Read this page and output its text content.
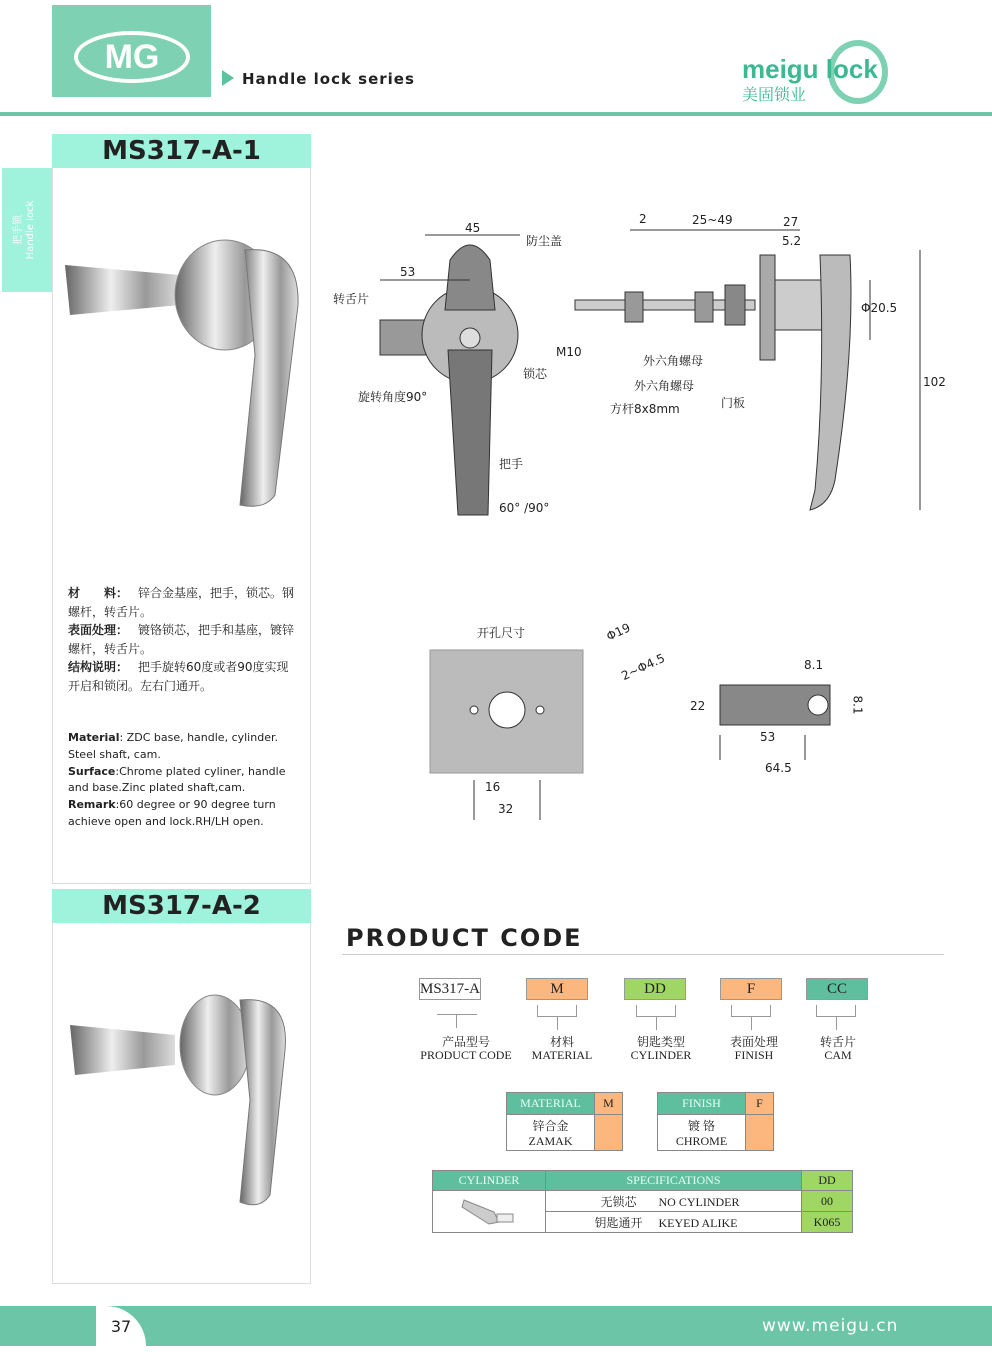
MG
Handle lock series	meigu lock
美固锁业
把手锁 Handle lock
MS317-A-1
MS317-A-2
材　　料： 锌合金基座，把手，锁芯。钢螺杆，转舌片。
表面处理： 镀铬锁芯，把手和基座，镀锌螺杆，转舌片。
结构说明： 把手旋转60度或者90度实现开启和锁闭。左右门通开。
Material: ZDC base, handle, cylinder. Steel shaft, cam.
Surface:Chrome plated cyliner, handle and base.Zinc plated shaft,cam.
Remark:60 degree or 90 degree turn achieve open and lock.RH/LH open.
45
53
防尘盖
转舌片
旋转角度90°
锁芯
把手
60° /90°
2	25~49	27
5.2
Φ20.5
M10
外六角螺母
外六角螺母
方杆8x8mm	门板
102
开孔尺寸	Φ19
2~Φ4.5
16
32
22
8.1
8.1
53
64.5
PRODUCT CODE
MS317-A	M	DD	F	CC
产品型号
PRODUCT CODE
材料
MATERIAL
钥匙类型
CYLINDER
表面处理
FINISH
转舌片
CAM
MATERIAL	M

锌合金
ZAMAK	

FINISH	F

镀 铬
CHROME	

CYLINDER	SPECIFICATIONS	DD
	无锁芯 NO CYLINDER	00
	钥匙通开 KEYED ALIKE	K065
37	www.meigu.cn
